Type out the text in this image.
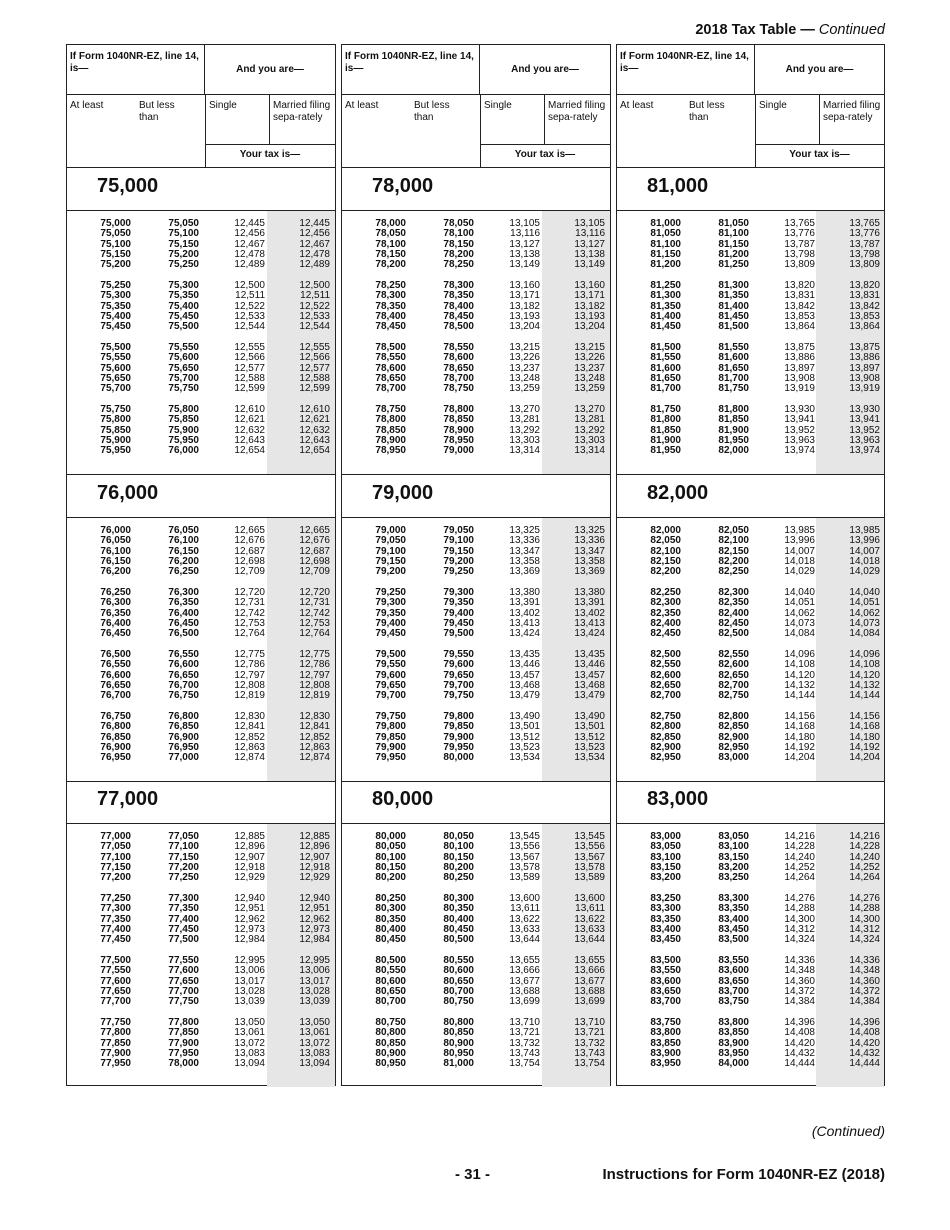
2018 Tax Table — Continued
If Form 1040NR-EZ, line 14, is—	And you are—
At least	But less than
Single	Married filing sepa-rately
Your tax is—
75,000
75,000	75,050	12,445	12,445
75,050	75,100	12,456	12,456
75,100	75,150	12,467	12,467
75,150	75,200	12,478	12,478
75,200	75,250	12,489	12,489
75,250	75,300	12,500	12,500
75,300	75,350	12,511	12,511
75,350	75,400	12,522	12,522
75,400	75,450	12,533	12,533
75,450	75,500	12,544	12,544
75,500	75,550	12,555	12,555
75,550	75,600	12,566	12,566
75,600	75,650	12,577	12,577
75,650	75,700	12,588	12,588
75,700	75,750	12,599	12,599
75,750	75,800	12,610	12,610
75,800	75,850	12,621	12,621
75,850	75,900	12,632	12,632
75,900	75,950	12,643	12,643
75,950	76,000	12,654	12,654
76,000
76,000	76,050	12,665	12,665
76,050	76,100	12,676	12,676
76,100	76,150	12,687	12,687
76,150	76,200	12,698	12,698
76,200	76,250	12,709	12,709
76,250	76,300	12,720	12,720
76,300	76,350	12,731	12,731
76,350	76,400	12,742	12,742
76,400	76,450	12,753	12,753
76,450	76,500	12,764	12,764
76,500	76,550	12,775	12,775
76,550	76,600	12,786	12,786
76,600	76,650	12,797	12,797
76,650	76,700	12,808	12,808
76,700	76,750	12,819	12,819
76,750	76,800	12,830	12,830
76,800	76,850	12,841	12,841
76,850	76,900	12,852	12,852
76,900	76,950	12,863	12,863
76,950	77,000	12,874	12,874
77,000
77,000	77,050	12,885	12,885
77,050	77,100	12,896	12,896
77,100	77,150	12,907	12,907
77,150	77,200	12,918	12,918
77,200	77,250	12,929	12,929
77,250	77,300	12,940	12,940
77,300	77,350	12,951	12,951
77,350	77,400	12,962	12,962
77,400	77,450	12,973	12,973
77,450	77,500	12,984	12,984
77,500	77,550	12,995	12,995
77,550	77,600	13,006	13,006
77,600	77,650	13,017	13,017
77,650	77,700	13,028	13,028
77,700	77,750	13,039	13,039
77,750	77,800	13,050	13,050
77,800	77,850	13,061	13,061
77,850	77,900	13,072	13,072
77,900	77,950	13,083	13,083
77,950	78,000	13,094	13,094
If Form 1040NR-EZ, line 14, is—	And you are—
At least	But less than
Single	Married filing sepa-rately
Your tax is—
78,000
78,000	78,050	13,105	13,105
78,050	78,100	13,116	13,116
78,100	78,150	13,127	13,127
78,150	78,200	13,138	13,138
78,200	78,250	13,149	13,149
78,250	78,300	13,160	13,160
78,300	78,350	13,171	13,171
78,350	78,400	13,182	13,182
78,400	78,450	13,193	13,193
78,450	78,500	13,204	13,204
78,500	78,550	13,215	13,215
78,550	78,600	13,226	13,226
78,600	78,650	13,237	13,237
78,650	78,700	13,248	13,248
78,700	78,750	13,259	13,259
78,750	78,800	13,270	13,270
78,800	78,850	13,281	13,281
78,850	78,900	13,292	13,292
78,900	78,950	13,303	13,303
78,950	79,000	13,314	13,314
79,000
79,000	79,050	13,325	13,325
79,050	79,100	13,336	13,336
79,100	79,150	13,347	13,347
79,150	79,200	13,358	13,358
79,200	79,250	13,369	13,369
79,250	79,300	13,380	13,380
79,300	79,350	13,391	13,391
79,350	79,400	13,402	13,402
79,400	79,450	13,413	13,413
79,450	79,500	13,424	13,424
79,500	79,550	13,435	13,435
79,550	79,600	13,446	13,446
79,600	79,650	13,457	13,457
79,650	79,700	13,468	13,468
79,700	79,750	13,479	13,479
79,750	79,800	13,490	13,490
79,800	79,850	13,501	13,501
79,850	79,900	13,512	13,512
79,900	79,950	13,523	13,523
79,950	80,000	13,534	13,534
80,000
80,000	80,050	13,545	13,545
80,050	80,100	13,556	13,556
80,100	80,150	13,567	13,567
80,150	80,200	13,578	13,578
80,200	80,250	13,589	13,589
80,250	80,300	13,600	13,600
80,300	80,350	13,611	13,611
80,350	80,400	13,622	13,622
80,400	80,450	13,633	13,633
80,450	80,500	13,644	13,644
80,500	80,550	13,655	13,655
80,550	80,600	13,666	13,666
80,600	80,650	13,677	13,677
80,650	80,700	13,688	13,688
80,700	80,750	13,699	13,699
80,750	80,800	13,710	13,710
80,800	80,850	13,721	13,721
80,850	80,900	13,732	13,732
80,900	80,950	13,743	13,743
80,950	81,000	13,754	13,754
If Form 1040NR-EZ, line 14, is—	And you are—
At least	But less than
Single	Married filing sepa-rately
Your tax is—
81,000
81,000	81,050	13,765	13,765
81,050	81,100	13,776	13,776
81,100	81,150	13,787	13,787
81,150	81,200	13,798	13,798
81,200	81,250	13,809	13,809
81,250	81,300	13,820	13,820
81,300	81,350	13,831	13,831
81,350	81,400	13,842	13,842
81,400	81,450	13,853	13,853
81,450	81,500	13,864	13,864
81,500	81,550	13,875	13,875
81,550	81,600	13,886	13,886
81,600	81,650	13,897	13,897
81,650	81,700	13,908	13,908
81,700	81,750	13,919	13,919
81,750	81,800	13,930	13,930
81,800	81,850	13,941	13,941
81,850	81,900	13,952	13,952
81,900	81,950	13,963	13,963
81,950	82,000	13,974	13,974
82,000
82,000	82,050	13,985	13,985
82,050	82,100	13,996	13,996
82,100	82,150	14,007	14,007
82,150	82,200	14,018	14,018
82,200	82,250	14,029	14,029
82,250	82,300	14,040	14,040
82,300	82,350	14,051	14,051
82,350	82,400	14,062	14,062
82,400	82,450	14,073	14,073
82,450	82,500	14,084	14,084
82,500	82,550	14,096	14,096
82,550	82,600	14,108	14,108
82,600	82,650	14,120	14,120
82,650	82,700	14,132	14,132
82,700	82,750	14,144	14,144
82,750	82,800	14,156	14,156
82,800	82,850	14,168	14,168
82,850	82,900	14,180	14,180
82,900	82,950	14,192	14,192
82,950	83,000	14,204	14,204
83,000
83,000	83,050	14,216	14,216
83,050	83,100	14,228	14,228
83,100	83,150	14,240	14,240
83,150	83,200	14,252	14,252
83,200	83,250	14,264	14,264
83,250	83,300	14,276	14,276
83,300	83,350	14,288	14,288
83,350	83,400	14,300	14,300
83,400	83,450	14,312	14,312
83,450	83,500	14,324	14,324
83,500	83,550	14,336	14,336
83,550	83,600	14,348	14,348
83,600	83,650	14,360	14,360
83,650	83,700	14,372	14,372
83,700	83,750	14,384	14,384
83,750	83,800	14,396	14,396
83,800	83,850	14,408	14,408
83,850	83,900	14,420	14,420
83,900	83,950	14,432	14,432
83,950	84,000	14,444	14,444
(Continued)
- 31 -	Instructions for Form 1040NR-EZ (2018)
